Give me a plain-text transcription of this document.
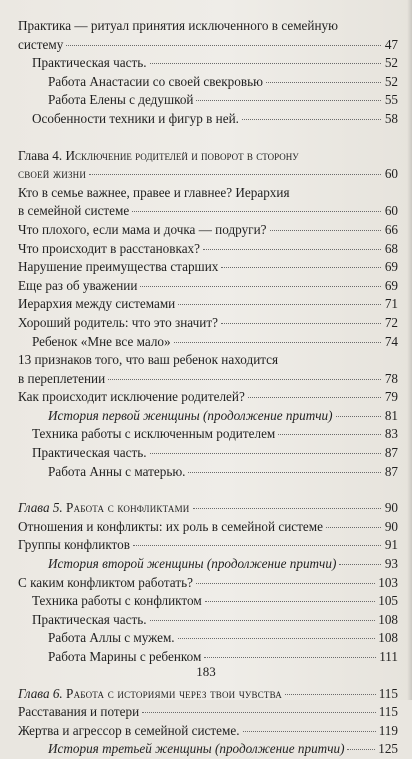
Практика — ритуал принятия исключенного в семейную
систему	47
Практическая часть.	52
Работа Анастасии со своей свекровью	52
Работа Елены с дедушкой	55
Особенности техники и фигур в ней.	58
Глава 4. Исключение родителей и поворот в сторону
своей жизни	60
Кто в семье важнее, правее и главнее? Иерархия
в семейной системе	60
Что плохого, если мама и дочка — подруги?	66
Что происходит в расстановках?	68
Нарушение преимущества старших	69
Еще раз об уважении	69
Иерархия между системами	71
Хороший родитель: что это значит?	72
Ребенок «Мне все мало»	74
13 признаков того, что ваш ребенок находится
в переплетении	78
Как происходит исключение родителей?	79
История первой женщины (продолжение притчи)	81
Техника работы с исключенным родителем	83
Практическая часть.	87
Работа Анны с матерью.	87
Глава 5. Работа с конфликтами	90
Отношения и конфликты: их роль в семейной системе	90
Группы конфликтов	91
История второй женщины (продолжение притчи)	93
С каким конфликтом работать?	103
Техника работы с конфликтом	105
Практическая часть.	108
Работа Аллы с мужем.	108
Работа Марины с ребенком	111
Глава 6. Работа с историями через твои чувства	115
Расставания и потери	115
Жертва и агрессор в семейной системе.	119
История третьей женщины (продолжение притчи)	125
183
